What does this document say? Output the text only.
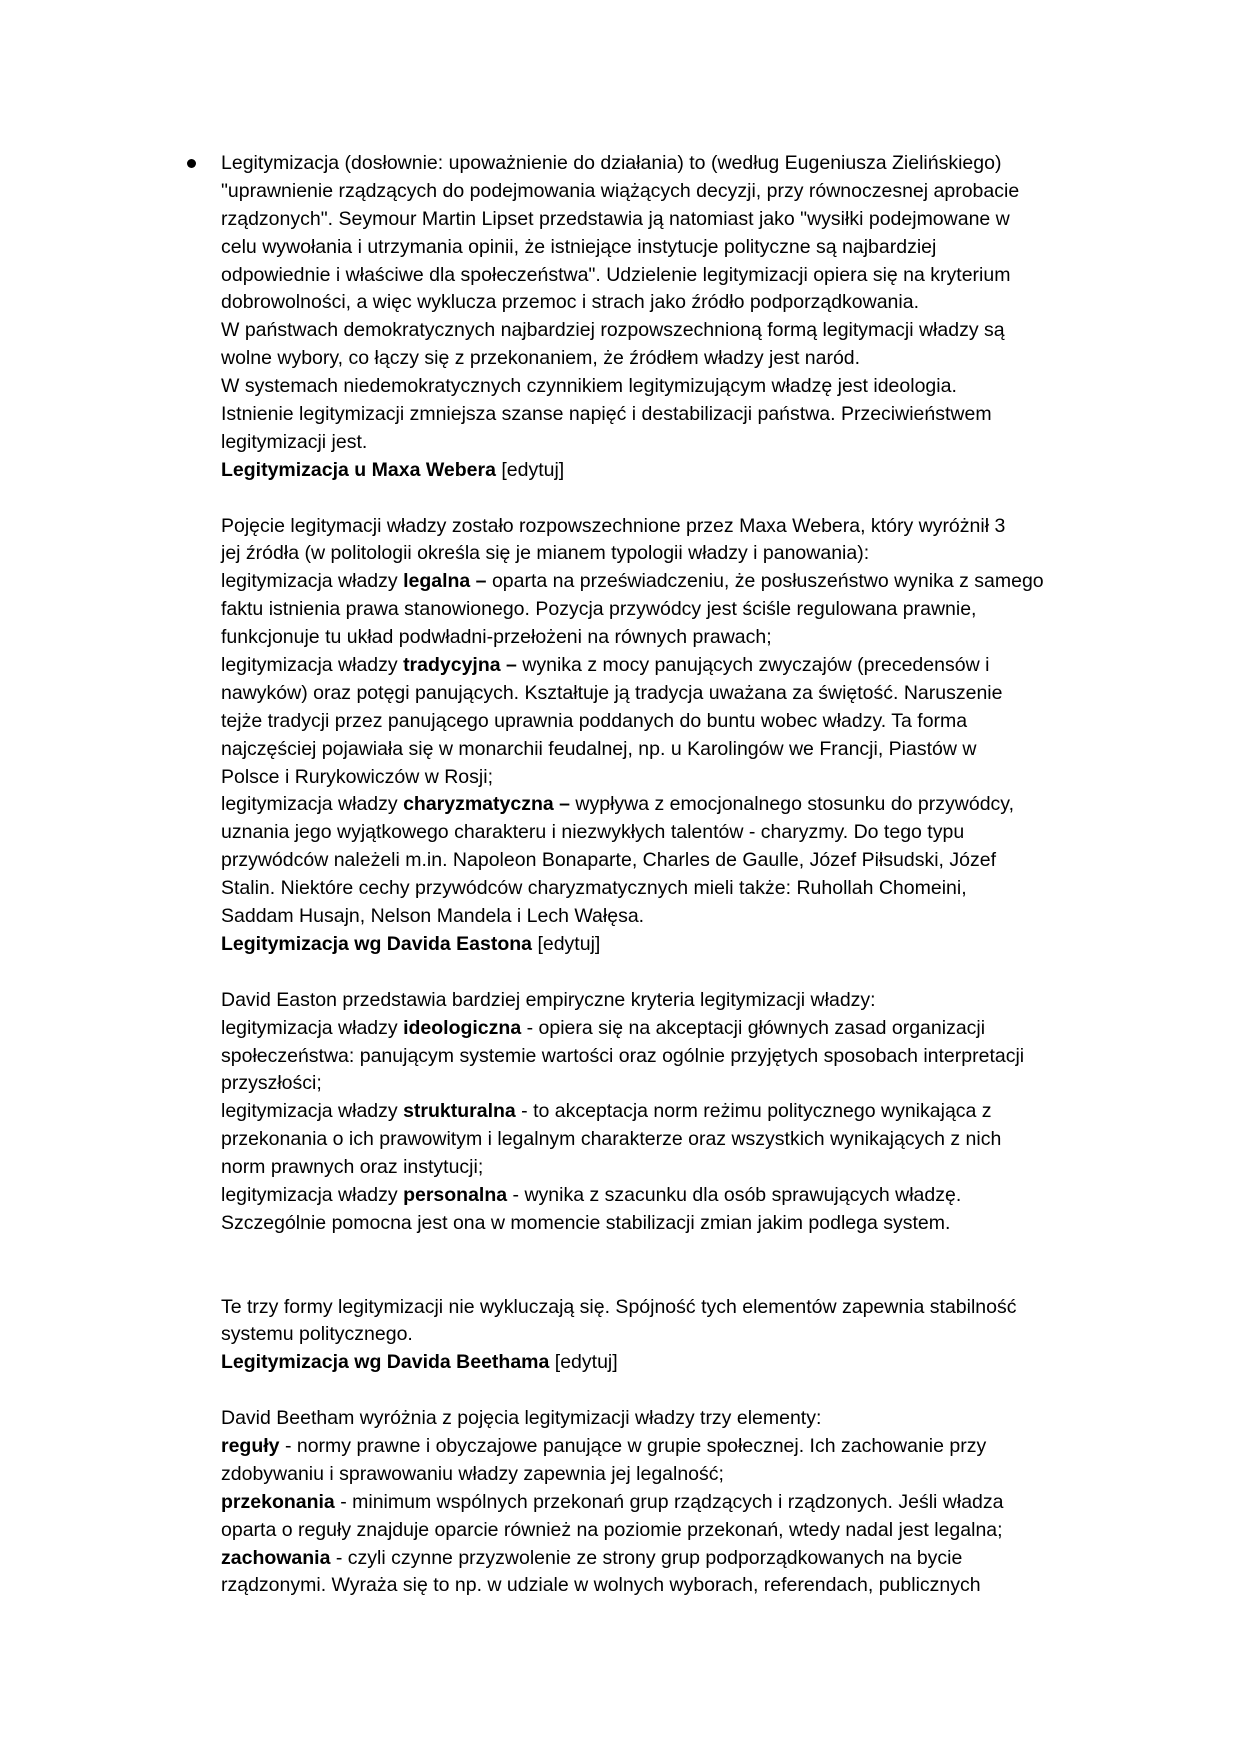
Legitymizacja (dosłownie: upoważnienie do działania) to (według Eugeniusza Zielińskiego)
"uprawnienie rządzących do podejmowania wiążących decyzji, przy równoczesnej aprobacie
rządzonych". Seymour Martin Lipset przedstawia ją natomiast jako "wysiłki podejmowane w
celu wywołania i utrzymania opinii, że istniejące instytucje polityczne są najbardziej
odpowiednie i właściwe dla społeczeństwa". Udzielenie legitymizacji opiera się na kryterium
dobrowolności, a więc wyklucza przemoc i strach jako źródło podporządkowania.
W państwach demokratycznych najbardziej rozpowszechnioną formą legitymacji władzy są
wolne wybory, co łączy się z przekonaniem, że źródłem władzy jest naród.
W systemach niedemokratycznych czynnikiem legitymizującym władzę jest ideologia.
Istnienie legitymizacji zmniejsza szanse napięć i destabilizacji państwa. Przeciwieństwem
legitymizacji jest.
Legitymizacja u Maxa Webera [edytuj]
Pojęcie legitymacji władzy zostało rozpowszechnione przez Maxa Webera, który wyróżnił 3
jej źródła (w politologii określa się je mianem typologii władzy i panowania):
legitymizacja władzy legalna – oparta na przeświadczeniu, że posłuszeństwo wynika z samego
faktu istnienia prawa stanowionego. Pozycja przywódcy jest ściśle regulowana prawnie,
funkcjonuje tu układ podwładni-przełożeni na równych prawach;
legitymizacja władzy tradycyjna – wynika z mocy panujących zwyczajów (precedensów i
nawyków) oraz potęgi panujących. Kształtuje ją tradycja uważana za świętość. Naruszenie
tejże tradycji przez panującego uprawnia poddanych do buntu wobec władzy. Ta forma
najczęściej pojawiała się w monarchii feudalnej, np. u Karolingów we Francji, Piastów w
Polsce i Rurykowiczów w Rosji;
legitymizacja władzy charyzmatyczna – wypływa z emocjonalnego stosunku do przywódcy,
uznania jego wyjątkowego charakteru i niezwykłych talentów - charyzmy. Do tego typu
przywódców należeli m.in. Napoleon Bonaparte, Charles de Gaulle, Józef Piłsudski, Józef
Stalin. Niektóre cechy przywódców charyzmatycznych mieli także: Ruhollah Chomeini,
Saddam Husajn, Nelson Mandela i Lech Wałęsa.
Legitymizacja wg Davida Eastona [edytuj]
David Easton przedstawia bardziej empiryczne kryteria legitymizacji władzy:
legitymizacja władzy ideologiczna - opiera się na akceptacji głównych zasad organizacji
społeczeństwa: panującym systemie wartości oraz ogólnie przyjętych sposobach interpretacji
przyszłości;
legitymizacja władzy strukturalna - to akceptacja norm reżimu politycznego wynikająca z
przekonania o ich prawowitym i legalnym charakterze oraz wszystkich wynikających z nich
norm prawnych oraz instytucji;
legitymizacja władzy personalna - wynika z szacunku dla osób sprawujących władzę.
Szczególnie pomocna jest ona w momencie stabilizacji zmian jakim podlega system.
Te trzy formy legitymizacji nie wykluczają się. Spójność tych elementów zapewnia stabilność
systemu politycznego.
Legitymizacja wg Davida Beethama [edytuj]
David Beetham wyróżnia z pojęcia legitymizacji władzy trzy elementy:
reguły - normy prawne i obyczajowe panujące w grupie społecznej. Ich zachowanie przy
zdobywaniu i sprawowaniu władzy zapewnia jej legalność;
przekonania - minimum wspólnych przekonań grup rządzących i rządzonych. Jeśli władza
oparta o reguły znajduje oparcie również na poziomie przekonań, wtedy nadal jest legalna;
zachowania - czyli czynne przyzwolenie ze strony grup podporządkowanych na bycie
rządzonymi. Wyraża się to np. w udziale w wolnych wyborach, referendach, publicznych
